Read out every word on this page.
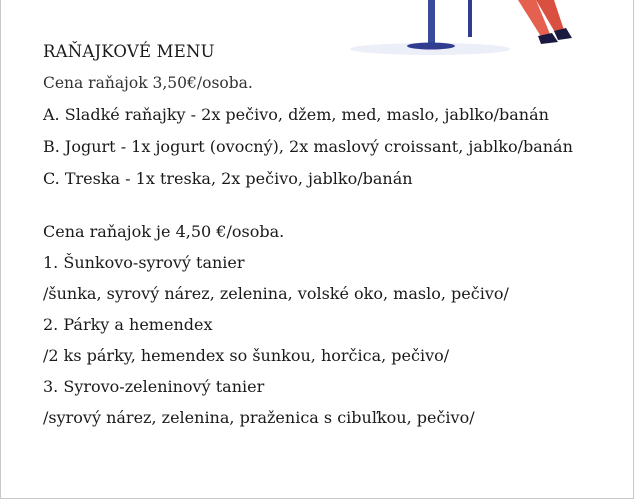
RAŇAJKOVÉ MENU

Cena raňajok 3,50€/osoba.

A. Sladké raňajky - 2x pečivo, džem, med, maslo, jablko/banán

B. Jogurt - 1x jogurt (ovocný), 2x maslový croissant, jablko/banán

C. Treska - 1x treska, 2x pečivo, jablko/banán

Cena raňajok je 4,50 €/osoba.

1. Šunkovo-syrový tanier

/šunka, syrový nárez, zelenina, volské oko, maslo, pečivo/

2. Párky a hemendex

/2 ks párky, hemendex so šunkou, horčica, pečivo/

3. Syrovo-zeleninový tanier

/syrový nárez, zelenina, praženica s cibuľkou, pečivo/
